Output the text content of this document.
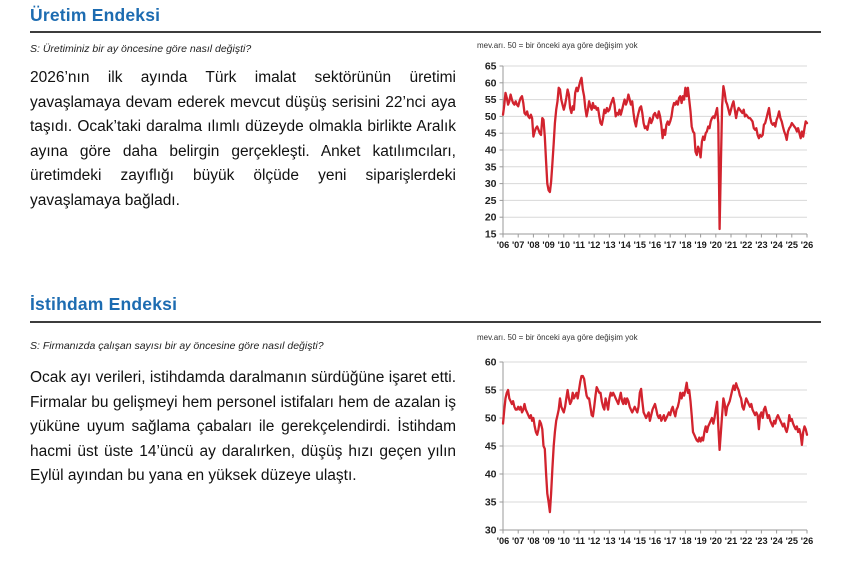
Üretim Endeksi
S: Üretiminiz bir ay öncesine göre nasıl değişti?

2026’nın ilk ayında Türk imalat sektörünün üretimi yavaşlamaya devam ederek mevcut düşüş serisini 22’nci aya taşıdı. Ocak’taki daralma ılımlı düzeyde olmakla birlikte Aralık ayına göre daha belirgin gerçekleşti. Anket katılımcıları, üretimdeki zayıflığı büyük ölçüde yeni siparişlerdeki yavaşlamaya bağladı.

mev.arı. 50 = bir önceki aya göre değişim yok
15
20
25
30
35
40
45
50
55
60
65
'06 '07 '08 '09 '10 '11 '12 '13 '14 '15 '16 '17 '18 '19 '20 '21 '22 '23 '24 '25 '26
İstihdam Endeksi
S: Firmanızda çalışan sayısı bir ay öncesine göre nasıl değişti?

Ocak ayı verileri, istihdamda daralmanın sürdüğüne işaret etti. Firmalar bu gelişmeyi hem personel istifaları hem de azalan iş yüküne uyum sağlama çabaları ile gerekçelendirdi. İstihdam hacmi üst üste 14’üncü ay daralırken, düşüş hızı geçen yılın Eylül ayından bu yana en yüksek düzeye ulaştı.

mev.arı. 50 = bir önceki aya göre değişim yok
30
35
40
45
50
55
60
'06 '07 '08 '09 '10 '11 '12 '13 '14 '15 '16 '17 '18 '19 '20 '21 '22 '23 '24 '25 '26
